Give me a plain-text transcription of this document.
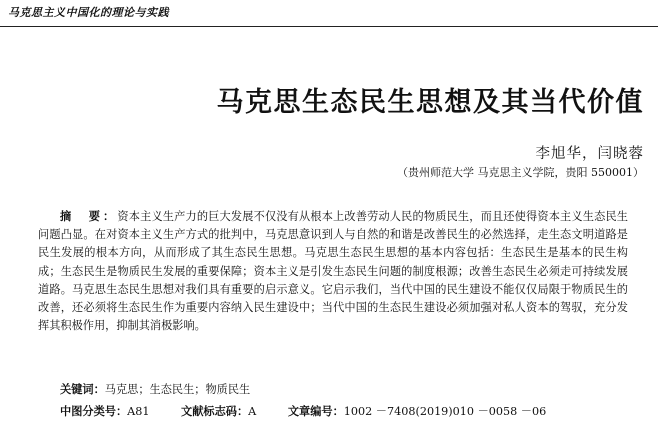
马克思主义中国化的理论与实践
马克思生态民生思想及其当代价值
李旭华，闫晓蓉
（贵州师范大学 马克思主义学院，贵阳 550001）
摘　要：资本主义生产力的巨大发展不仅没有从根本上改善劳动人民的物质民生，而且还使得资本主义生态民生问题凸显。在对资本主义生产方式的批判中，马克思意识到人与自然的和谐是改善民生的必然选择，走生态文明道路是民生发展的根本方向，从而形成了其生态民生思想。马克思生态民生思想的基本内容包括：生态民生是基本的民生构成；生态民生是物质民生发展的重要保障；资本主义是引发生态民生问题的制度根源；改善生态民生必须走可持续发展道路。马克思生态民生思想对我们具有重要的启示意义。它启示我们，当代中国的民生建设不能仅仅局限于物质民生的改善，还必须将生态民生作为重要内容纳入民生建设中；当代中国的生态民生建设必须加强对私人资本的驾驭，充分发挥其积极作用，抑制其消极影响。
关键词：马克思；生态民生；物质民生
中图分类号：A81	文献标志码：A	文章编号：1002 －7408(2019)010 －0058 －06
